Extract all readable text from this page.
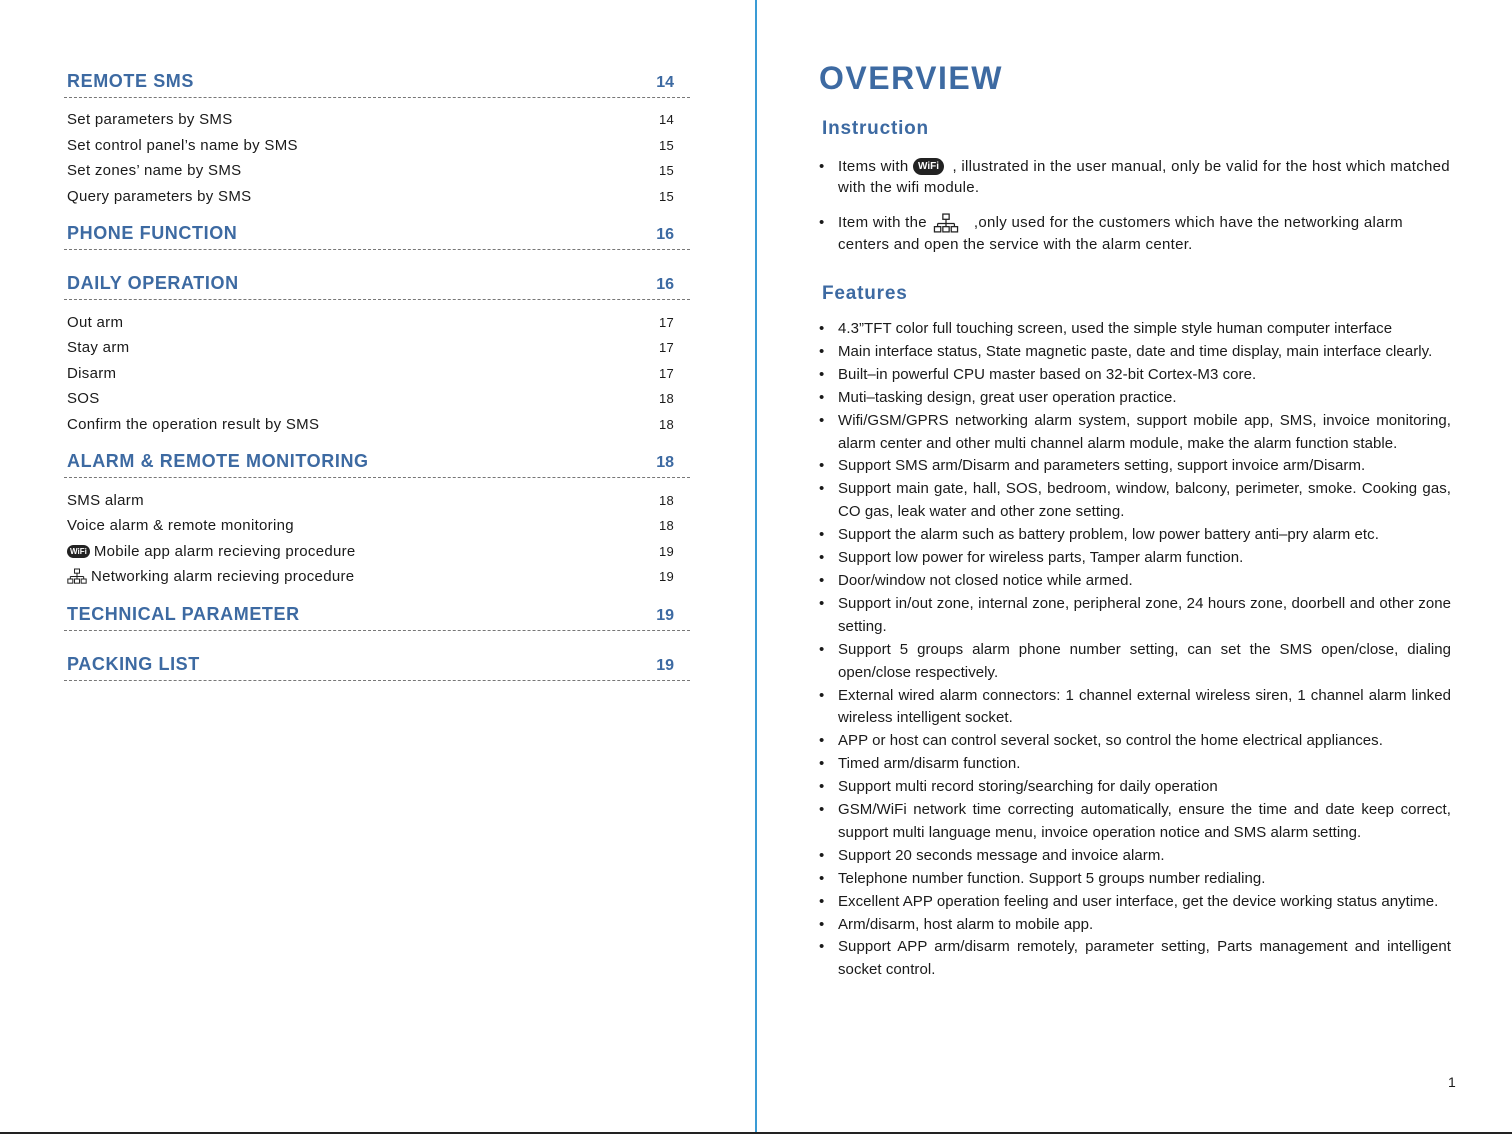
REMOTE SMS	14
Set parameters by SMS	14
Set control panel’s name by SMS	15
Set zones’ name by SMS	15
Query parameters by SMS	15
PHONE FUNCTION	16
DAILY OPERATION	16
Out arm	17
Stay arm	17
Disarm	17
SOS	18
Confirm the operation result by SMS	18
ALARM & REMOTE MONITORING	18
SMS alarm	18
Voice alarm & remote monitoring	18
WiFi Mobile app alarm recieving procedure	19
Networking alarm recieving procedure	19
TECHNICAL PARAMETER	19
PACKING LIST	19
OVERVIEW
Instruction
• Items with WiFi , illustrated in the user manual, only be valid for the host which matched with the wifi module.
• Item with the	,only used for the customers which have the networking alarm centers and open the service with the alarm center.
Features
• 4.3”TFT color full touching screen, used the simple style human computer interface
• Main interface status, State magnetic paste, date and time display, main interface clearly.
• Built–in powerful CPU master based on 32-bit Cortex-M3 core.
• Muti–tasking design, great user operation practice.
• Wifi/GSM/GPRS networking alarm system, support mobile app, SMS, invoice monitoring, alarm center and other multi channel alarm module, make the alarm function stable.
• Support SMS arm/Disarm and parameters setting, support invoice arm/Disarm.
• Support main gate, hall, SOS, bedroom, window, balcony, perimeter, smoke. Cooking gas, CO gas, leak water and other zone setting.
• Support the alarm such as battery problem, low power battery anti–pry alarm etc.
• Support low power for wireless parts, Tamper alarm function.
• Door/window not closed notice while armed.
• Support in/out zone, internal zone, peripheral zone, 24 hours zone, doorbell and other zone setting.
• Support 5 groups alarm phone number setting, can set the SMS open/close, dialing open/close respectively.
• External wired alarm connectors: 1 channel external wireless siren, 1 channel alarm linked wireless intelligent socket.
• APP or host can control several socket, so control the home electrical appliances.
• Timed arm/disarm function.
• Support multi record storing/searching for daily operation
• GSM/WiFi network time correcting automatically, ensure the time and date keep correct, support multi language menu, invoice operation notice and SMS alarm setting.
• Support 20 seconds message and invoice alarm.
• Telephone number function. Support 5 groups number redialing.
• Excellent APP operation feeling and user interface, get the device working status anytime.
• Arm/disarm, host alarm to mobile app.
• Support APP arm/disarm remotely, parameter setting, Parts management and intelligent socket control.
1
